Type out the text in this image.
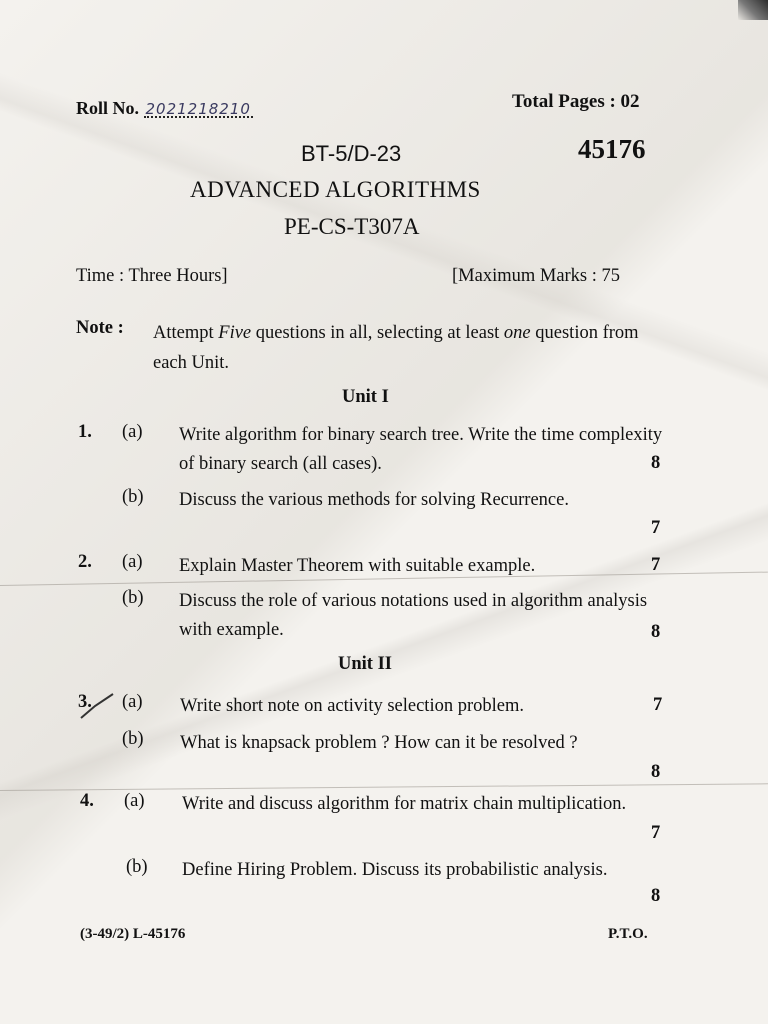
Roll No. 2021218210	Total Pages : 02
BT-5/D-23	45176
ADVANCED ALGORITHMS
PE-CS-T307A
Time : Three Hours]	[Maximum Marks : 75
Note : Attempt Five questions in all, selecting at least one question from each Unit.
Unit I
1. (a) Write algorithm for binary search tree. Write the time complexity of binary search (all cases).	8
(b) Discuss the various methods for solving Recurrence.
7
2. (a) Explain Master Theorem with suitable example.	7
(b) Discuss the role of various notations used in algorithm analysis with example.	8
Unit II
3. (a) Write short note on activity selection problem.	7
(b) What is knapsack problem ? How can it be resolved ?
8
4. (a) Write and discuss algorithm for matrix chain multiplication.
7
(b) Define Hiring Problem. Discuss its probabilistic analysis.
8
(3-49/2) L-45176	P.T.O.
